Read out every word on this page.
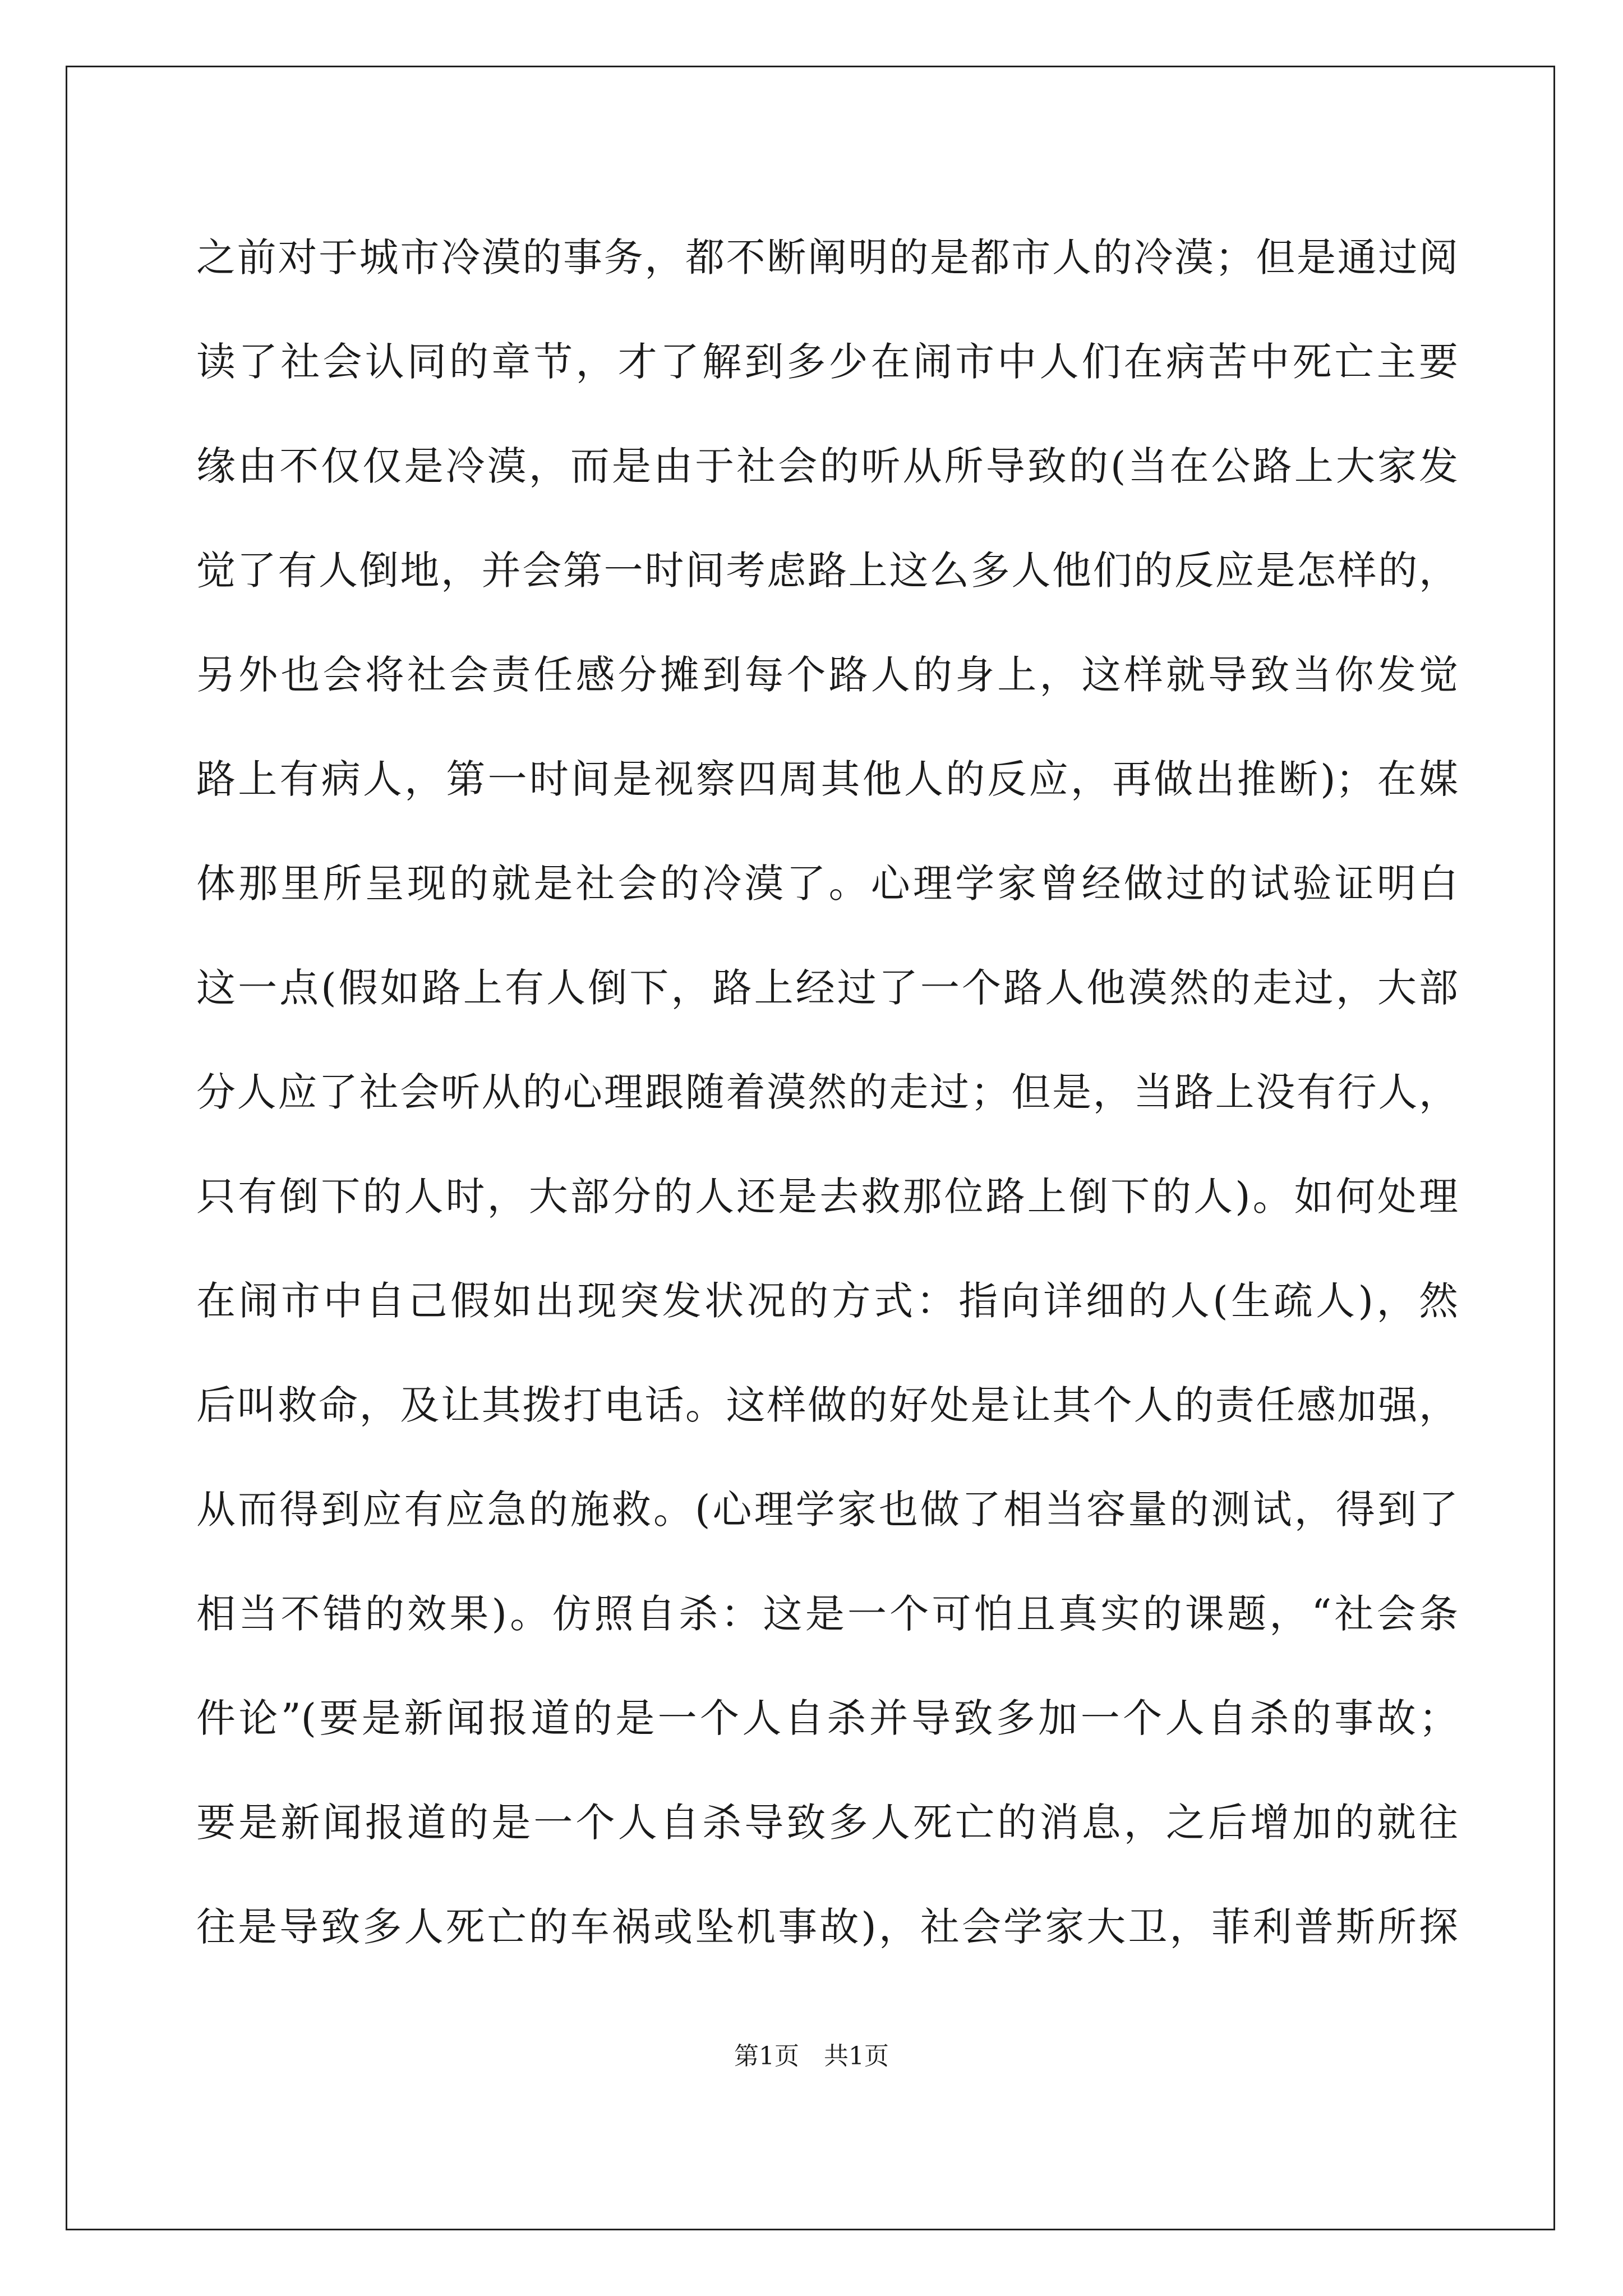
之前对于城市冷漠的事务，都不断阐明的是都市人的冷漠；但是通过阅
读了社会认同的章节，才了解到多少在闹市中人们在病苦中死亡主要
缘由不仅仅是冷漠，而是由于社会的听从所导致的(当在公路上大家发
觉了有人倒地，并会第一时间考虑路上这么多人他们的反应是怎样的，
另外也会将社会责任感分摊到每个路人的身上，这样就导致当你发觉
路上有病人，第一时间是视察四周其他人的反应，再做出推断)；在媒
体那里所呈现的就是社会的冷漠了。心理学家曾经做过的试验证明白
这一点(假如路上有人倒下，路上经过了一个路人他漠然的走过，大部
分人应了社会听从的心理跟随着漠然的走过；但是，当路上没有行人，
只有倒下的人时，大部分的人还是去救那位路上倒下的人)。如何处理
在闹市中自己假如出现突发状况的方式：指向详细的人(生疏人)，然
后叫救命，及让其拨打电话。这样做的好处是让其个人的责任感加强，
从而得到应有应急的施救。(心理学家也做了相当容量的测试，得到了
相当不错的效果)。仿照自杀：这是一个可怕且真实的课题，“社会条
件论”(要是新闻报道的是一个人自杀并导致多加一个人自杀的事故；
要是新闻报道的是一个人自杀导致多人死亡的消息，之后增加的就往
往是导致多人死亡的车祸或坠机事故)，社会学家大卫，菲利普斯所探
第1页　共1页
